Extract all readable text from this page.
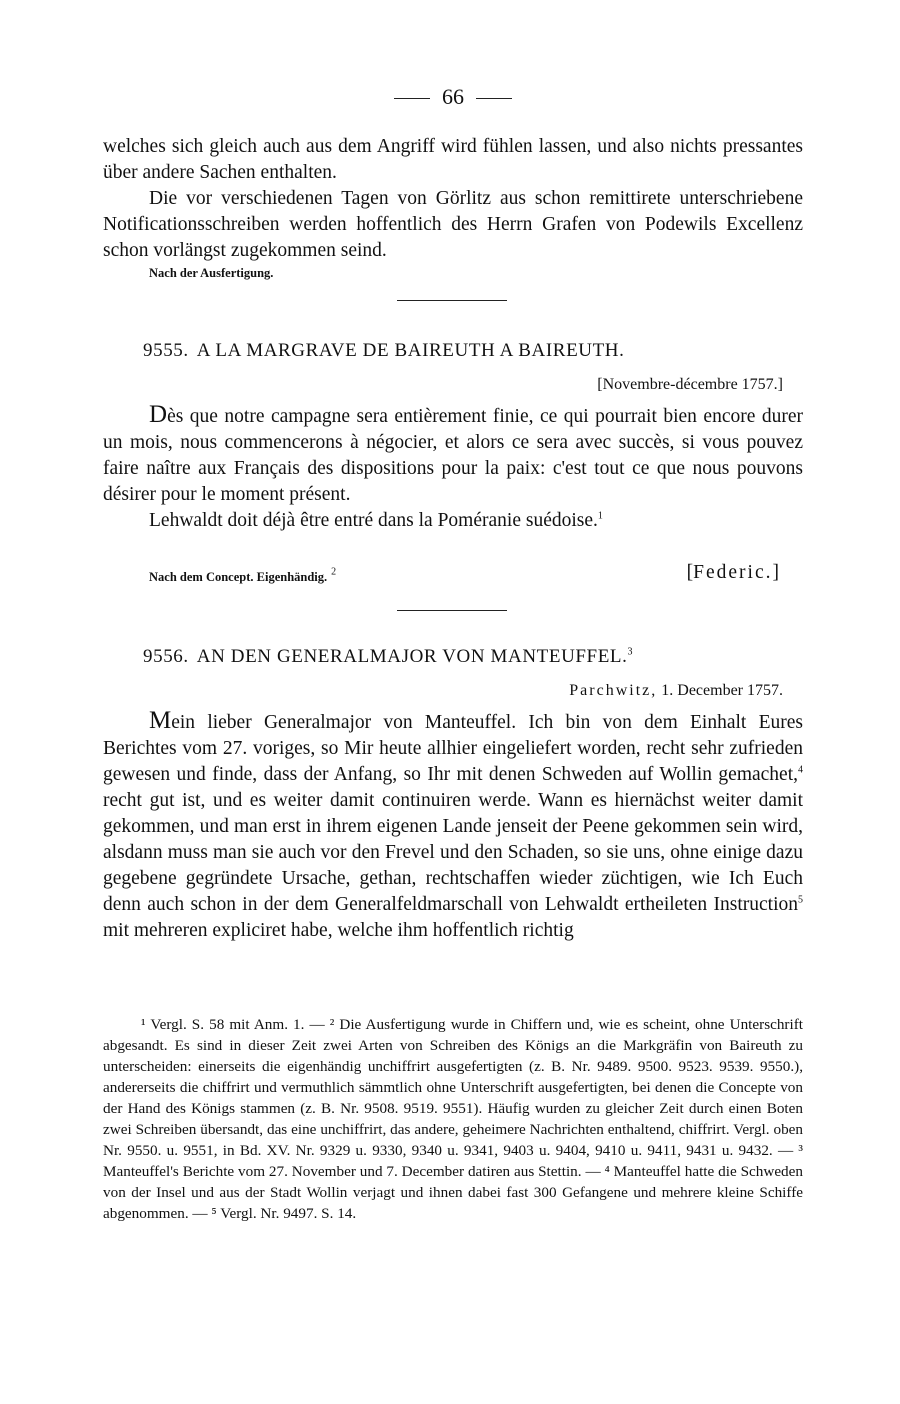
66

welches sich gleich auch aus dem Angriff wird fühlen lassen, und also nichts pressantes über andere Sachen enthalten.

Die vor verschiedenen Tagen von Görlitz aus schon remittirete unterschriebene Notificationsschreiben werden hoffentlich des Herrn Grafen von Podewils Excellenz schon vorlängst zugekommen seind.

Nach der Ausfertigung.
9555. A LA MARGRAVE DE BAIREUTH A BAIREUTH.
[Novembre-décembre 1757.]

Dès que notre campagne sera entièrement finie, ce qui pourrait bien encore durer un mois, nous commencerons à négocier, et alors ce sera avec succès, si vous pouvez faire naître aux Français des dispositions pour la paix: c'est tout ce que nous pouvons désirer pour le moment présent.

Lehwaldt doit déjà être entré dans la Poméranie suédoise.$^1$

Nach dem Concept. Eigenhändig. $^2$	[Federic.]
9556. AN DEN GENERALMAJOR VON MANTEUFFEL.$^3$
Parchwitz, 1. December 1757.

Mein lieber Generalmajor von Manteuffel. Ich bin von dem Einhalt Eures Berichtes vom 27. voriges, so Mir heute allhier eingeliefert worden, recht sehr zufrieden gewesen und finde, dass der Anfang, so Ihr mit denen Schweden auf Wollin gemachet,$^4$ recht gut ist, und es weiter damit continuiren werde. Wann es hiernächst weiter damit gekommen, und man erst in ihrem eigenen Lande jenseit der Peene gekommen sein wird, alsdann muss man sie auch vor den Frevel und den Schaden, so sie uns, ohne einige dazu gegebene gegründete Ursache, gethan, rechtschaffen wieder züchtigen, wie Ich Euch denn auch schon in der dem Generalfeldmarschall von Lehwaldt ertheileten Instruction$^5$ mit mehreren expliciret habe, welche ihm hoffentlich richtig

¹ Vergl. S. 58 mit Anm. 1. — ² Die Ausfertigung wurde in Chiffern und, wie es scheint, ohne Unterschrift abgesandt. Es sind in dieser Zeit zwei Arten von Schreiben des Königs an die Markgräfin von Baireuth zu unterscheiden: einerseits die eigenhändig unchiffrirt ausgefertigten (z. B. Nr. 9489. 9500. 9523. 9539. 9550.), andererseits die chiffrirt und vermuthlich sämmtlich ohne Unterschrift ausgefertigten, bei denen die Concepte von der Hand des Königs stammen (z. B. Nr. 9508. 9519. 9551). Häufig wurden zu gleicher Zeit durch einen Boten zwei Schreiben übersandt, das eine unchiffrirt, das andere, geheimere Nachrichten enthaltend, chiffrirt. Vergl. oben Nr. 9550. u. 9551, in Bd. XV. Nr. 9329 u. 9330, 9340 u. 9341, 9403 u. 9404, 9410 u. 9411, 9431 u. 9432. — ³ Manteuffel's Berichte vom 27. November und 7. December datiren aus Stettin. — ⁴ Manteuffel hatte die Schweden von der Insel und aus der Stadt Wollin verjagt und ihnen dabei fast 300 Gefangene und mehrere kleine Schiffe abgenommen. — ⁵ Vergl. Nr. 9497. S. 14.
